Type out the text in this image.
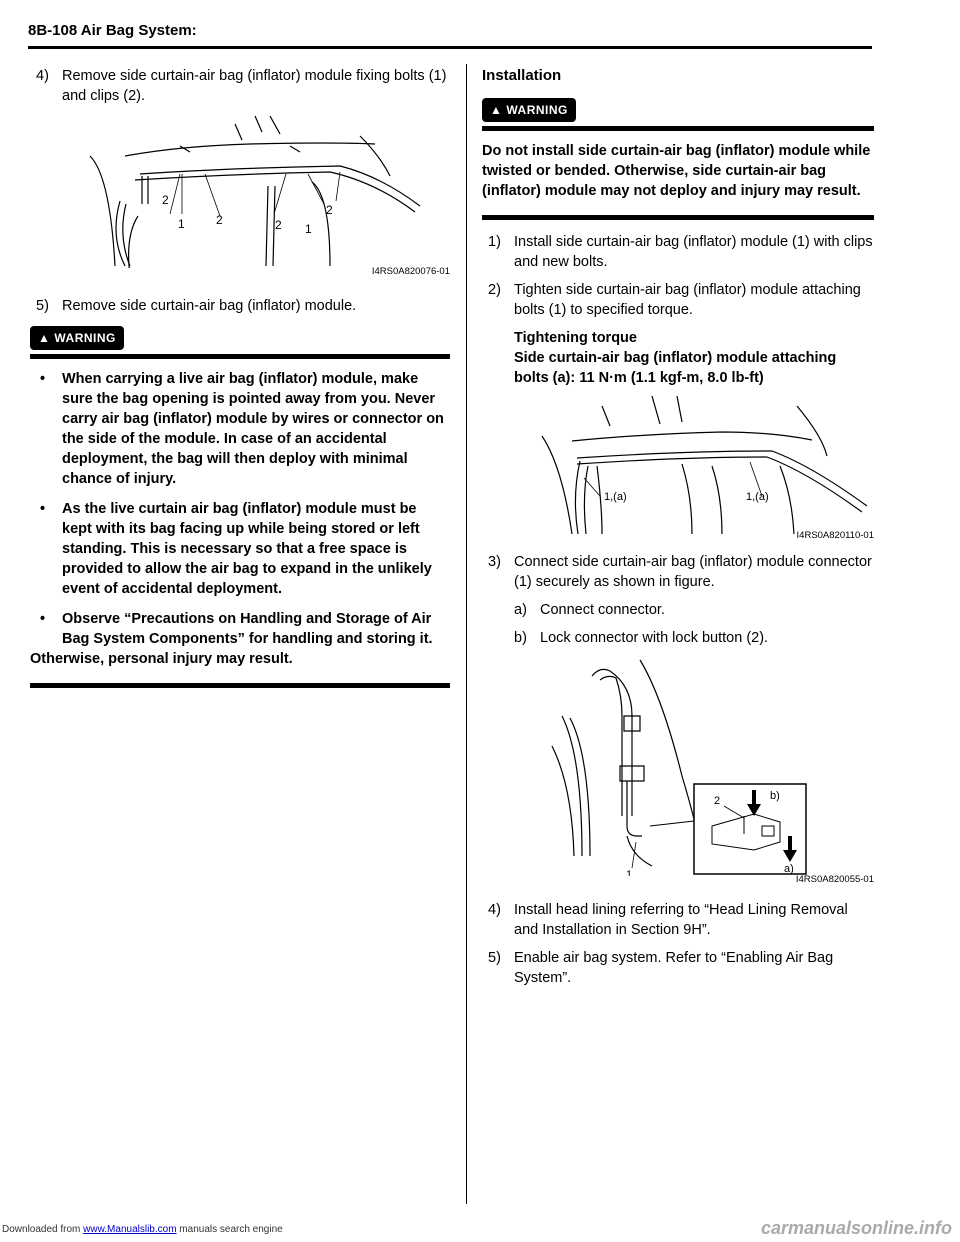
8B-108 Air Bag System:
4) Remove side curtain-air bag (inflator) module fixing bolts (1) and clips (2).
2
1	2	2 1
2
I4RS0A820076-01
5) Remove side curtain-air bag (inflator) module.
▲ WARNING
• When carrying a live air bag (inflator) module, make sure the bag opening is pointed away from you. Never carry air bag (inflator) module by wires or connector on the side of the module. In case of an accidental deployment, the bag will then deploy with minimal chance of injury.
• As the live curtain air bag (inflator) module must be kept with its bag facing up while being stored or left standing. This is necessary so that a free space is provided to allow the air bag to expand in the unlikely event of accidental deployment.
• Observe “Precautions on Handling and Storage of Air Bag System Components” for handling and storing it.
Otherwise, personal injury may result.
Installation
▲ WARNING
Do not install side curtain-air bag (inflator) module while twisted or bended. Otherwise, side curtain-air bag (inflator) module may not deploy and injury may result.
1) Install side curtain-air bag (inflator) module (1) with clips and new bolts.
2) Tighten side curtain-air bag (inflator) module attaching bolts (1) to specified torque.
Tightening torque
Side curtain-air bag (inflator) module attaching bolts (a): 11 N·m (1.1 kgf-m, 8.0 lb-ft)
1,(a)	1,(a)
I4RS0A820110-01
3) Connect side curtain-air bag (inflator) module connector (1) securely as shown in figure.
a) Connect connector.
b) Lock connector with lock button (2).
2	b)
a)
1	I4RS0A820055-01
4) Install head lining referring to “Head Lining Removal and Installation in Section 9H”.
5) Enable air bag system. Refer to “Enabling Air Bag System”.
Downloaded from www.Manualslib.com manuals search engine	carmanualsonline.info
